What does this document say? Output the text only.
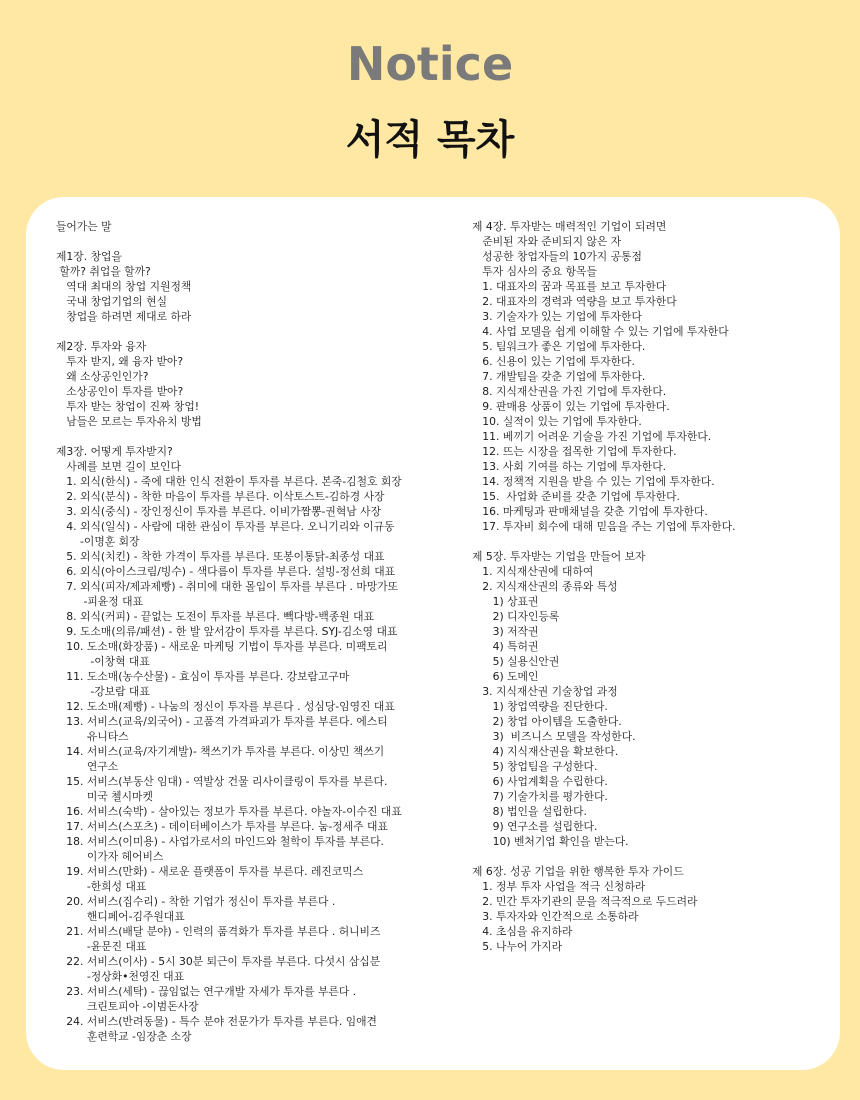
Notice
서적 목차
들어가는 말
제1장. 창업을
할까? 취업을 할까?
역대 최대의 창업 지원정책
국내 창업기업의 현실
창업을 하려면 제대로 하라
제2장. 투자와 융자
투자 받지, 왜 융자 받아?
왜 소상공인인가?
소상공인이 투자를 받아?
투자 받는 창업이 진짜 창업!
남들은 모르는 투자유치 방법
제3장. 어떻게 투자받지?
사례를 보면 길이 보인다
1. 외식(한식) - 죽에 대한 인식 전환이 투자를 부른다. 본죽-김철호 회장
2. 외식(분식) - 착한 마음이 투자를 부른다. 이삭토스트-김하경 사장
3. 외식(중식) - 장인정신이 투자를 부른다. 이비가짬뽕-권혁남 사장
4. 외식(일식) - 사람에 대한 관심이 투자를 부른다. 오니기리와 이규동
-이명훈 회장
5. 외식(치킨) - 착한 가격이 투자를 부른다. 또봉이통닭-최종성 대표
6. 외식(아이스크림/빙수) - 색다름이 투자를 부른다. 설빙-정선희 대표
7. 외식(피자/제과제빵) - 취미에 대한 몰입이 투자를 부른다 . 마망가또
-피윤정 대표
8. 외식(커피) - 끝없는 도전이 투자를 부른다. 빽다방-백종원 대표
9. 도소매(의류/패션) - 한 발 앞서감이 투자를 부른다. SYJ-김소영 대표
10. 도소매(화장품) - 새로운 마케팅 기법이 투자를 부른다. 미팩토리
-이창혁 대표
11. 도소매(농수산물) - 효심이 투자를 부른다. 강보람고구마
-강보람 대표
12. 도소매(제빵) - 나눔의 정신이 투자를 부른다 . 성심당-임영진 대표
13. 서비스(교육/외국어) - 고품격 가격파괴가 투자를 부른다. 에스티
유니타스
14. 서비스(교육/자기계발)- 책쓰기가 투자를 부른다. 이상민 책쓰기
연구소
15. 서비스(부동산 임대) - 역발상 건물 리사이클링이 투자를 부른다.
미국 첼시마켓
16. 서비스(숙박) - 살아있는 정보가 투자를 부른다. 야놀자-이수진 대표
17. 서비스(스포츠) - 데이터베이스가 투자를 부른다. 눔-정세주 대표
18. 서비스(이미용) - 사업가로서의 마인드와 철학이 투자를 부른다.
이가자 헤어비스
19. 서비스(만화) - 새로운 플랫폼이 투자를 부른다. 레진코믹스
-한희성 대표
20. 서비스(집수리) - 착한 기업가 정신이 투자를 부른다 .
핸디페어-김주원대표
21. 서비스(배달 분야) - 인력의 품격화가 투자를 부른다 . 허니비즈
-윤문진 대표
22. 서비스(이사) - 5시 30분 퇴근이 투자를 부른다. 다섯시 삼십분
-정상화•천영진 대표
23. 서비스(세탁) - 끊임없는 연구개발 자세가 투자를 부른다 .
크린토피아 -이범돈사장
24. 서비스(반려동물) - 특수 분야 전문가가 투자를 부른다. 임애견
훈련학교 -임장춘 소장
제 4장. 투자받는 매력적인 기업이 되려면
준비된 자와 준비되지 않은 자
성공한 창업자들의 10가지 공통점
투자 심사의 중요 항목들
1. 대표자의 꿈과 목표를 보고 투자한다
2. 대표자의 경력과 역량을 보고 투자한다
3. 기술자가 있는 기업에 투자한다
4. 사업 모델을 쉽게 이해할 수 있는 기업에 투자한다
5. 팀워크가 좋은 기업에 투자한다.
6. 신용이 있는 기업에 투자한다.
7. 개발팀을 갖춘 기업에 투자한다.
8. 지식재산권을 가진 기업에 투자한다.
9. 판매용 상품이 있는 기업에 투자한다.
10. 실적이 있는 기업에 투자한다.
11. 베끼기 어려운 기술을 가진 기업에 투자한다.
12. 뜨는 시장을 접목한 기업에 투자한다.
13. 사회 기여를 하는 기업에 투자한다.
14. 정책적 지원을 받을 수 있는 기업에 투자한다.
15.  사업화 준비를 갖춘 기업에 투자한다.
16. 마케팅과 판매채널을 갖춘 기업에 투자한다.
17. 투자비 회수에 대해 믿음을 주는 기업에 투자한다.
제 5장. 투자받는 기업을 만들어 보자
1. 지식재산권에 대하여
2. 지식재산권의 종류와 특성
1) 상표권
2) 디자인등록
3) 저작권
4) 특허권
5) 실용신안권
6) 도메인
3. 지식재산권 기술창업 과정
1) 창업역량을 진단한다.
2) 창업 아이템을 도출한다.
3)  비즈니스 모델을 작성한다.
4) 지식재산권을 확보한다.
5) 창업팀을 구성한다.
6) 사업계획을 수립한다.
7) 기술가치를 평가한다.
8) 법인을 설립한다.
9) 연구소를 설립한다.
10) 벤처기업 확인을 받는다.
제 6장. 성공 기업을 위한 행복한 투자 가이드
1. 정부 투자 사업을 적극 신청하라
2. 민간 투자기관의 문을 적극적으로 두드려라
3. 투자자와 인간적으로 소통하라
4. 초심을 유지하라
5. 나누어 가지라
